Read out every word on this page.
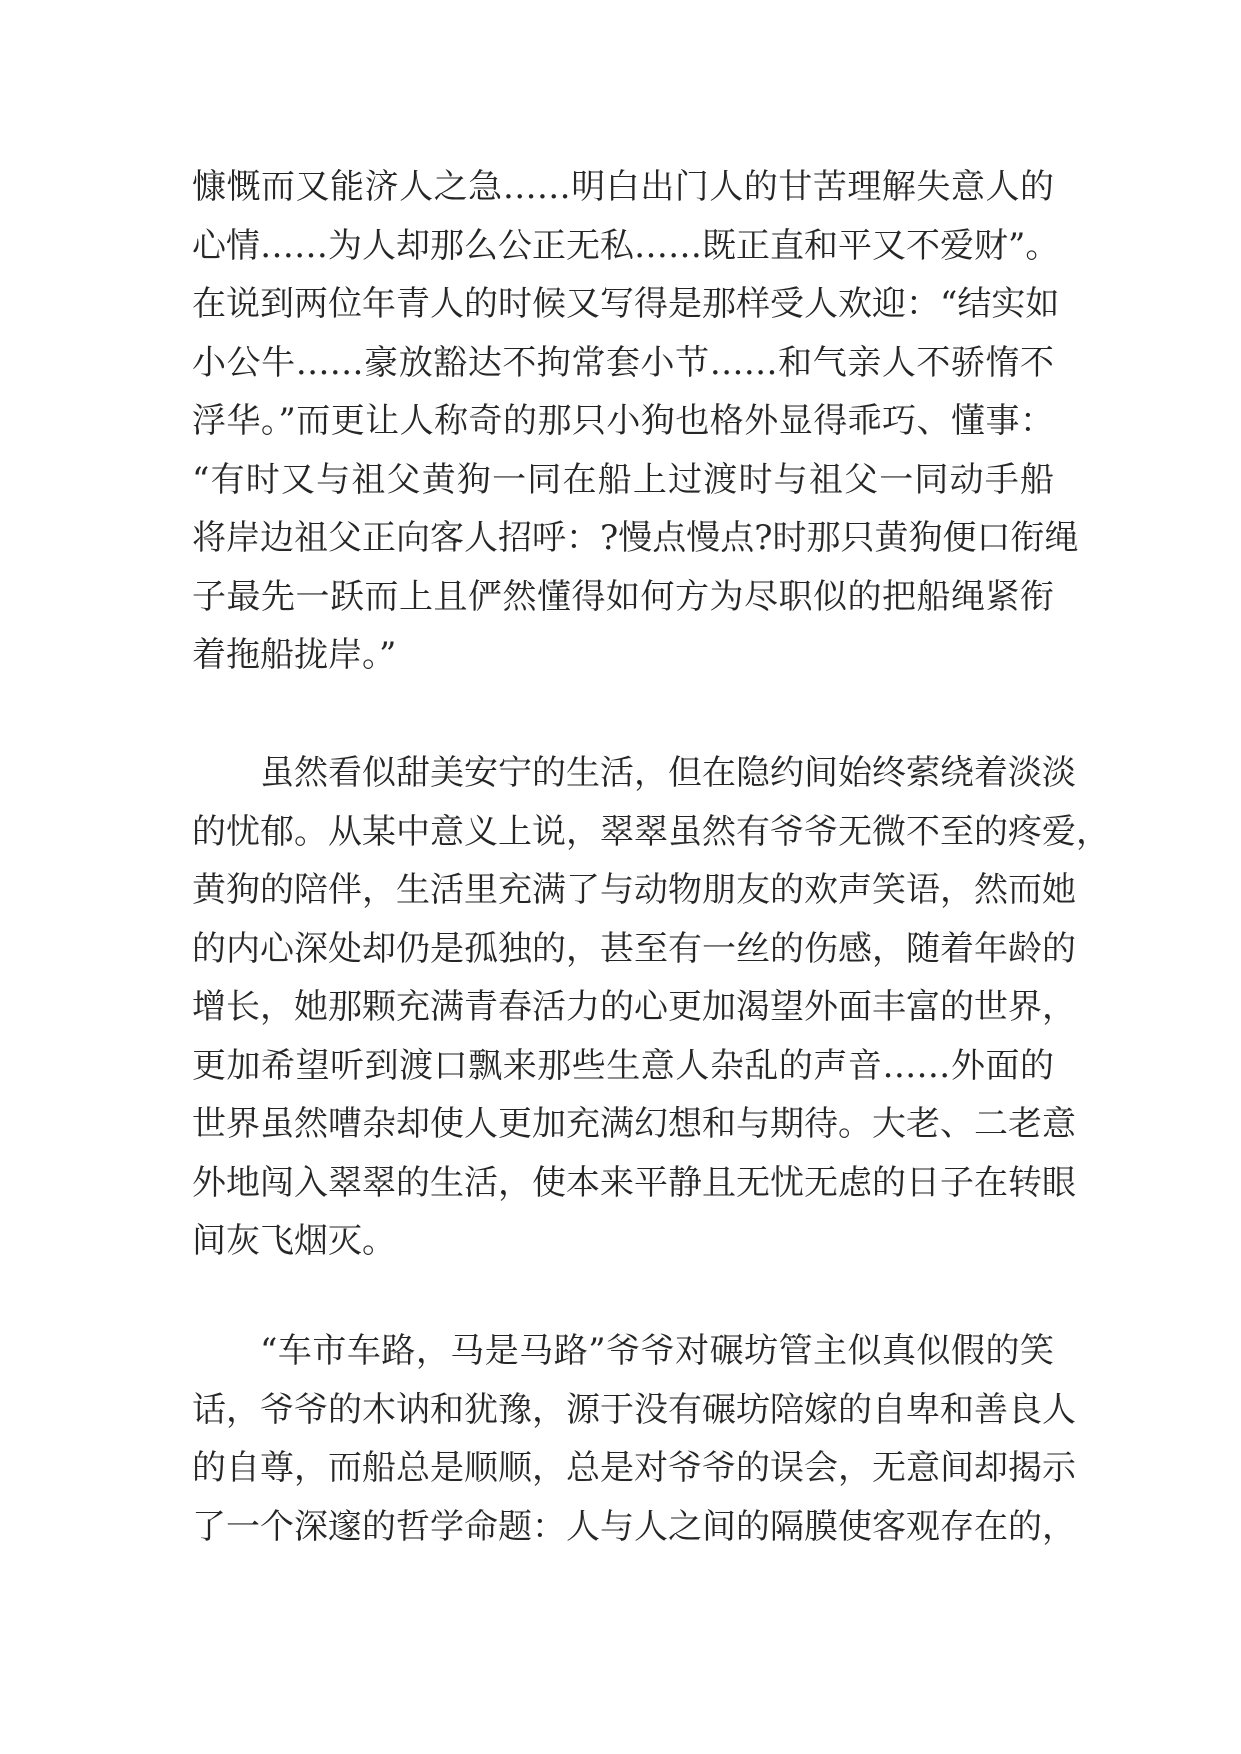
慷慨而又能济人之急……明白出门人的甘苦理解失意人的
心情……为人却那么公正无私……既正直和平又不爱财”。
在说到两位年青人的时候又写得是那样受人欢迎：“结实如
小公牛……豪放豁达不拘常套小节……和气亲人不骄惰不
浮华。”而更让人称奇的那只小狗也格外显得乖巧、懂事：
“有时又与祖父黄狗一同在船上过渡时与祖父一同动手船
将岸边祖父正向客人招呼：?慢点慢点?时那只黄狗便口衔绳
子最先一跃而上且俨然懂得如何方为尽职似的把船绳紧衔
着拖船拢岸。”

虽然看似甜美安宁的生活，但在隐约间始终萦绕着淡淡
的忧郁。从某中意义上说，翠翠虽然有爷爷无微不至的疼爱，
黄狗的陪伴，生活里充满了与动物朋友的欢声笑语，然而她
的内心深处却仍是孤独的，甚至有一丝的伤感，随着年龄的
增长，她那颗充满青春活力的心更加渴望外面丰富的世界，
更加希望听到渡口飘来那些生意人杂乱的声音……外面的
世界虽然嘈杂却使人更加充满幻想和与期待。大老、二老意
外地闯入翠翠的生活，使本来平静且无忧无虑的日子在转眼
间灰飞烟灭。

“车市车路，马是马路”爷爷对碾坊管主似真似假的笑
话，爷爷的木讷和犹豫，源于没有碾坊陪嫁的自卑和善良人
的自尊，而船总是顺顺，总是对爷爷的误会，无意间却揭示
了一个深邃的哲学命题：人与人之间的隔膜使客观存在的，
